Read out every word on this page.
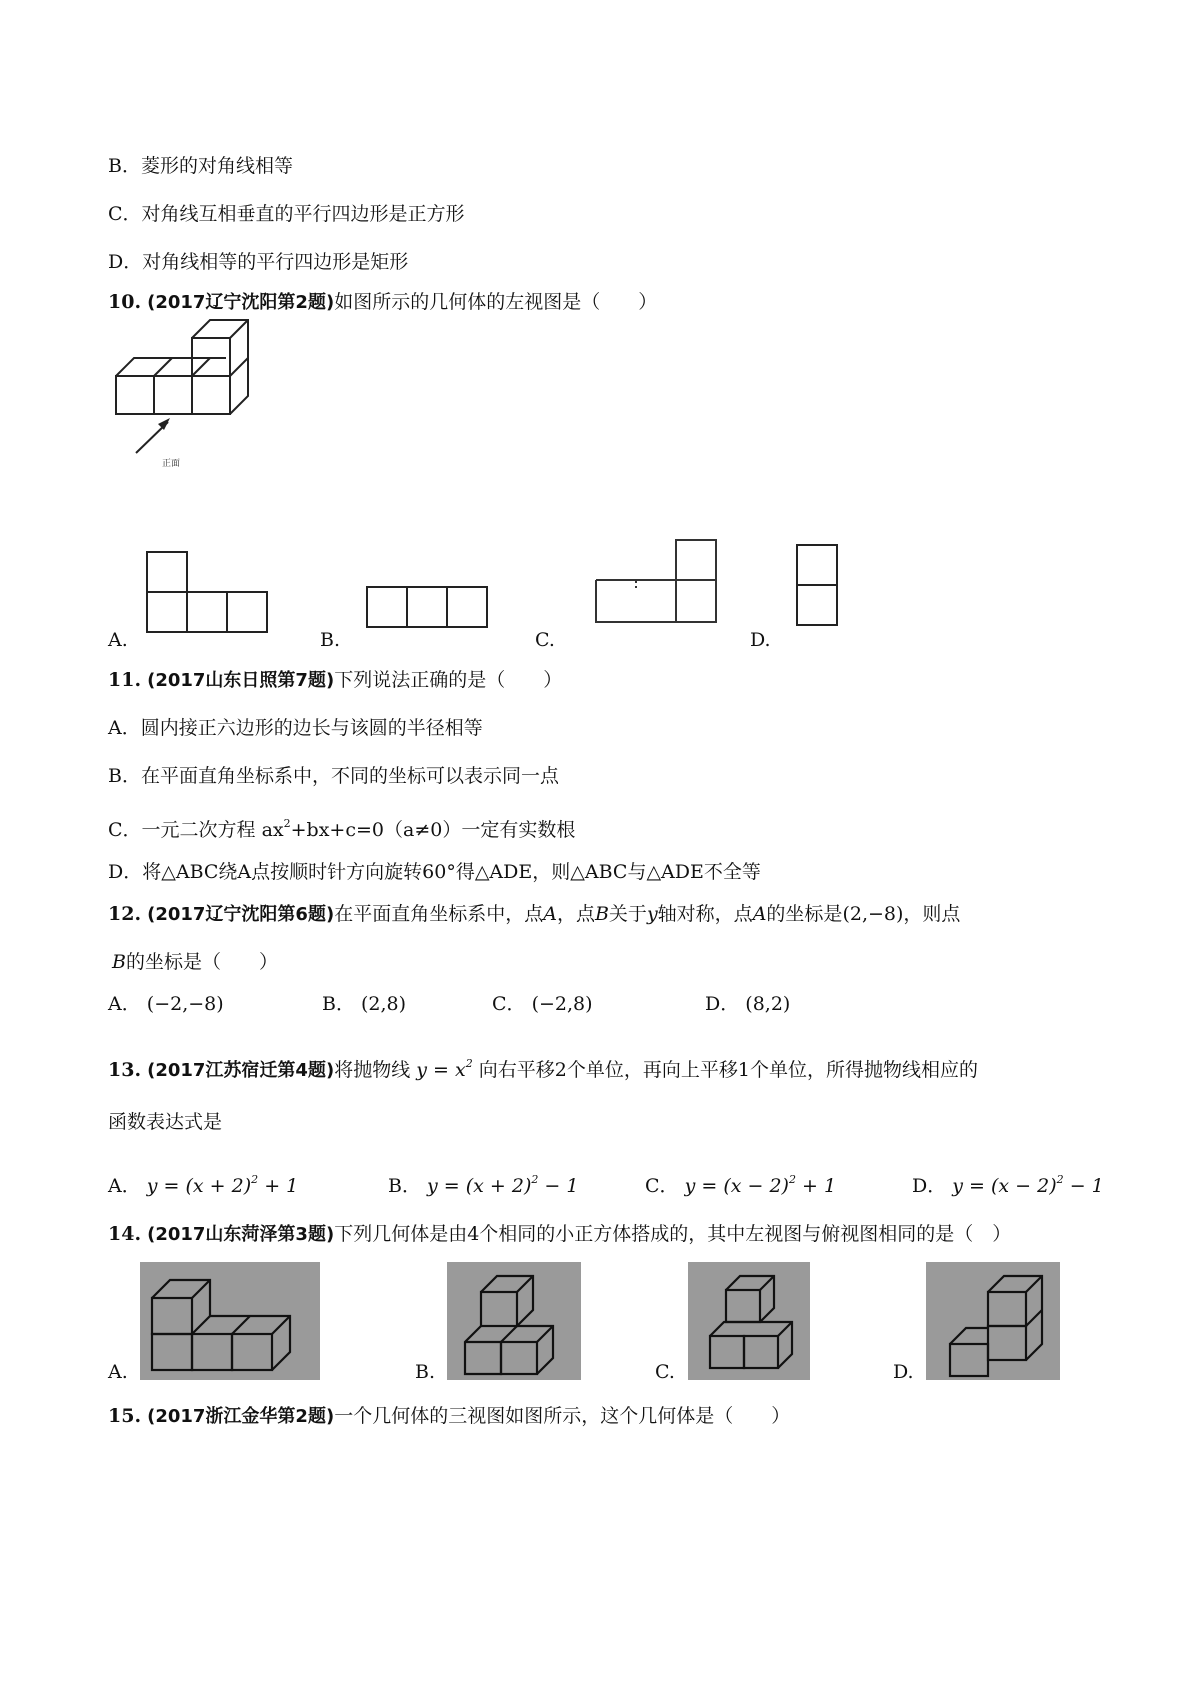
B．菱形的对角线相等
C．对角线互相垂直的平行四边形是正方形
D．对角线相等的平行四边形是矩形
10. (2017辽宁沈阳第2题)如图所示的几何体的左视图是（　　）
正面
A.	B.	C.	D.
11. (2017山东日照第7题)下列说法正确的是（　　）
A．圆内接正六边形的边长与该圆的半径相等
B．在平面直角坐标系中，不同的坐标可以表示同一点
C．一元二次方程 $ax^2+bx+c=0(a\ne 0)$一定有实数根
D．将△ABC绕A点按顺时针方向旋转60°得△ADE，则△ABC与△ADE不全等
12. (2017辽宁沈阳第6题)在平面直角坐标系中，点A，点B关于y轴对称，点A的坐标是(2,−8)，则点
B的坐标是（　　）
A． (−2,−8)	B． (2,8)	C． (−2,8)	D． (8,2)
13. (2017江苏宿迁第4题)将抛物线 $y = x^2$ 向右平移2个单位，再向上平移1个单位，所得抛物线相应的
函数表达式是
A． $y = (x + 2)^2 + 1$	B． $y = (x + 2)^2 - 1$	C． $y = (x - 2)^2 + 1$	D． $y = (x - 2)^2 - 1$
14. (2017山东菏泽第3题)下列几何体是由4个相同的小正方体搭成的，其中左视图与俯视图相同的是（　）
A.	B.	C.	D.
15. (2017浙江金华第2题)一个几何体的三视图如图所示，这个几何体是（　　）
